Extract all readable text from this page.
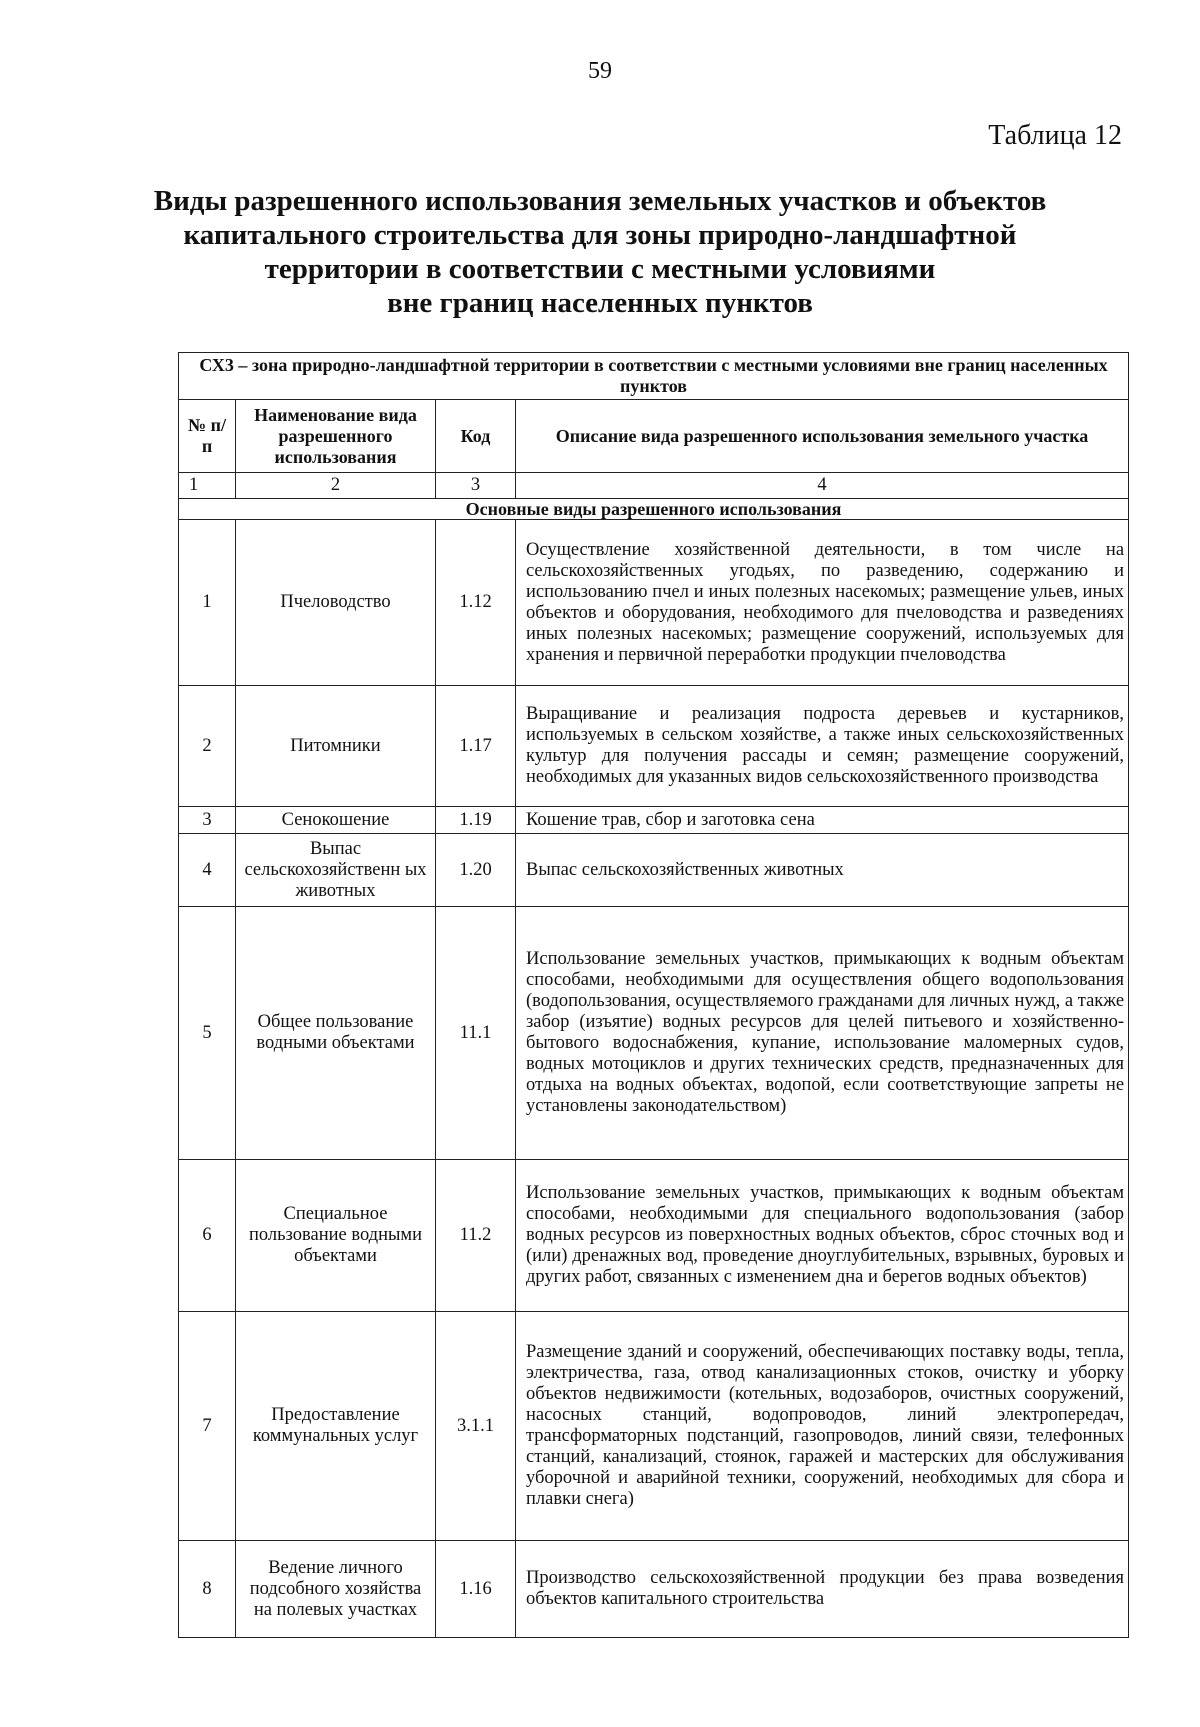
59
Таблица 12
Виды разрешенного использования земельных участков и объектов
капитального строительства для зоны природно-ландшафтной
территории в соответствии с местными условиями
вне границ населенных пунктов
СХ3 – зона природно-ландшафтной территории в соответствии с местными условиями вне границ населенных пунктов			
№ п/п	Наименование вида разрешенного использования	Код	Описание вида разрешенного использования земельного участка
1	2	3	4
Основные виды разрешенного использования			
1	Пчеловодство	1.12	Осуществление хозяйственной деятельности, в том числе на сельскохозяйственных угодьях, по разведению, содержанию и использованию пчел и иных полезных насекомых; размещение ульев, иных объектов и оборудования, необходимого для пчеловодства и разведениях иных полезных насекомых; размещение сооружений, используемых для хранения и первичной переработки продукции пчеловодства
2	Питомники	1.17	Выращивание и реализация подроста деревьев и кустарников, используемых в сельском хозяйстве, а также иных сельскохозяйственных культур для получения рассады и семян; размещение сооружений, необходимых для указанных видов сельскохозяйственного производства
3	Сенокошение	1.19	Кошение трав, сбор и заготовка сена
4	Выпас сельскохозяйственн ых животных	1.20	Выпас сельскохозяйственных животных
5	Общее пользование водными объектами	11.1	Использование земельных участков, примыкающих к водным объектам способами, необходимыми для осуществления общего водопользования (водопользования, осуществляемого гражданами для личных нужд, а также забор (изъятие) водных ресурсов для целей питьевого и хозяйственно-бытового водоснабжения, купание, использование маломерных судов, водных мотоциклов и других технических средств, предназначенных для отдыха на водных объектах, водопой, если соответствующие запреты не установлены законодательством)
6	Специальное пользование водными объектами	11.2	Использование земельных участков, примыкающих к водным объектам способами, необходимыми для специального водопользования (забор водных ресурсов из поверхностных водных объектов, сброс сточных вод и (или) дренажных вод, проведение дноуглубительных, взрывных, буровых и других работ, связанных с изменением дна и берегов водных объектов)
7	Предоставление коммунальных услуг	3.1.1	Размещение зданий и сооружений, обеспечивающих поставку воды, тепла, электричества, газа, отвод канализационных стоков, очистку и уборку объектов недвижимости (котельных, водозаборов, очистных сооружений, насосных станций, водопроводов, линий электропередач, трансформаторных подстанций, газопроводов, линий связи, телефонных станций, канализаций, стоянок, гаражей и мастерских для обслуживания уборочной и аварийной техники, сооружений, необходимых для сбора и плавки снега)
8	Ведение личного подсобного хозяйства на полевых участках	1.16	Производство сельскохозяйственной продукции без права возведения объектов капитального строительства
